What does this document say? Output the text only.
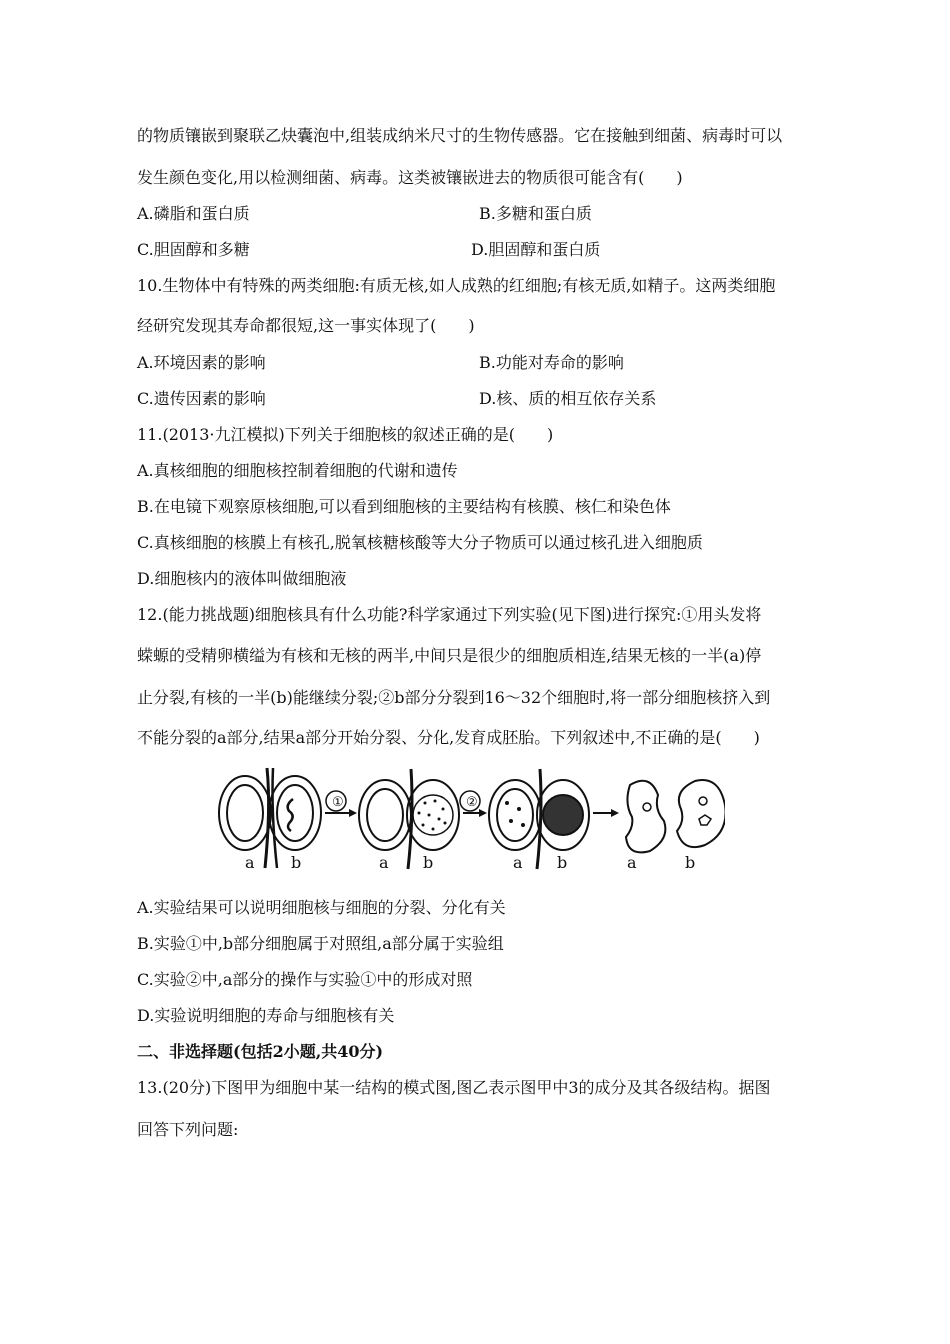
的物质镶嵌到聚联乙炔囊泡中,组装成纳米尺寸的生物传感器。它在接触到细菌、病毒时可以
发生颜色变化,用以检测细菌、病毒。这类被镶嵌进去的物质很可能含有(　　)
A.磷脂和蛋白质	B.多糖和蛋白质
C.胆固醇和多糖	D.胆固醇和蛋白质
10.生物体中有特殊的两类细胞:有质无核,如人成熟的红细胞;有核无质,如精子。这两类细胞
经研究发现其寿命都很短,这一事实体现了(　　)
A.环境因素的影响	B.功能对寿命的影响
C.遗传因素的影响	D.核、质的相互依存关系
11.(2013·九江模拟)下列关于细胞核的叙述正确的是(　　)
A.真核细胞的细胞核控制着细胞的代谢和遗传
B.在电镜下观察原核细胞,可以看到细胞核的主要结构有核膜、核仁和染色体
C.真核细胞的核膜上有核孔,脱氧核糖核酸等大分子物质可以通过核孔进入细胞质
D.细胞核内的液体叫做细胞液
12.(能力挑战题)细胞核具有什么功能?科学家通过下列实验(见下图)进行探究:①用头发将
蝾螈的受精卵横缢为有核和无核的两半,中间只是很少的细胞质相连,结果无核的一半(a)停
止分裂,有核的一半(b)能继续分裂;②b部分分裂到16～32个细胞时,将一部分细胞核挤入到
不能分裂的a部分,结果a部分开始分裂、分化,发育成胚胎。下列叙述中,不正确的是(　　)
①	②
a b	a b	a b	a	b
A.实验结果可以说明细胞核与细胞的分裂、分化有关
B.实验①中,b部分细胞属于对照组,a部分属于实验组
C.实验②中,a部分的操作与实验①中的形成对照
D.实验说明细胞的寿命与细胞核有关
二、非选择题(包括2小题,共40分)
13.(20分)下图甲为细胞中某一结构的模式图,图乙表示图甲中3的成分及其各级结构。据图
回答下列问题:
